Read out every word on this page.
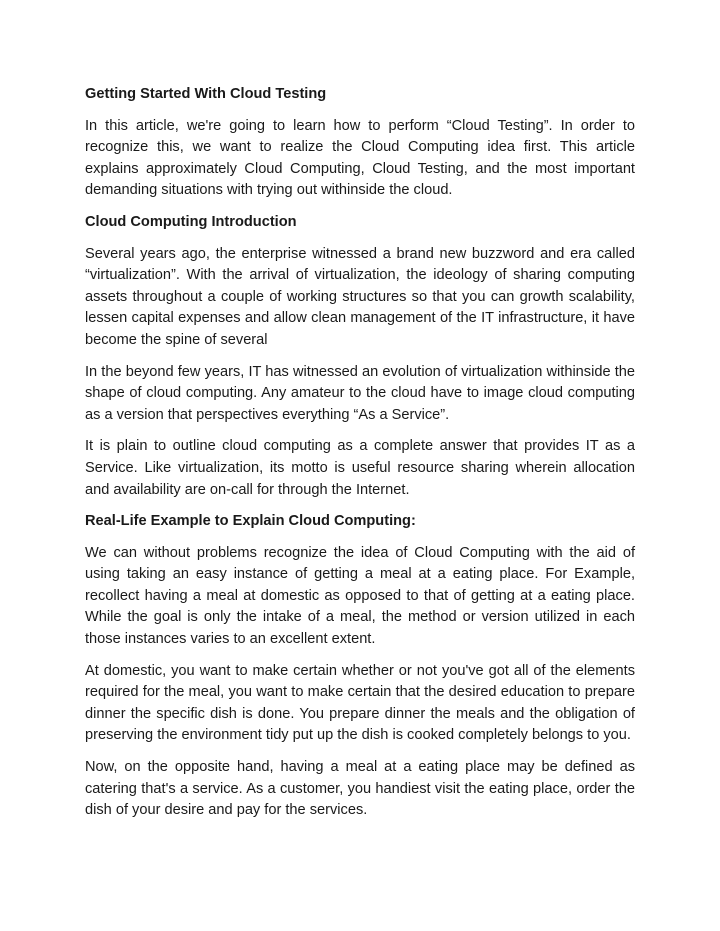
Getting Started With Cloud Testing

In this article, we're going to learn how to perform “Cloud Testing”. In order to recognize this, we want to realize the Cloud Computing idea first. This article explains approximately Cloud Computing, Cloud Testing, and the most important demanding situations with trying out withinside the cloud.

Cloud Computing Introduction

Several years ago, the enterprise witnessed a brand new buzzword and era called “virtualization”. With the arrival of virtualization, the ideology of sharing computing assets throughout a couple of working structures so that you can growth scalability, lessen capital expenses and allow clean management of the IT infrastructure, it have become the spine of several

In the beyond few years, IT has witnessed an evolution of virtualization withinside the shape of cloud computing. Any amateur to the cloud have to image cloud computing as a version that perspectives everything “As a Service”.

It is plain to outline cloud computing as a complete answer that provides IT as a Service. Like virtualization, its motto is useful resource sharing wherein allocation and availability are on-call for through the Internet.

Real-Life Example to Explain Cloud Computing:

We can without problems recognize the idea of Cloud Computing with the aid of using taking an easy instance of getting a meal at a eating place. For Example, recollect having a meal at domestic as opposed to that of getting at a eating place. While the goal is only the intake of a meal, the method or version utilized in each those instances varies to an excellent extent.

At domestic, you want to make certain whether or not you've got all of the elements required for the meal, you want to make certain that the desired education to prepare dinner the specific dish is done. You prepare dinner the meals and the obligation of preserving the environment tidy put up the dish is cooked completely belongs to you.

Now, on the opposite hand, having a meal at a eating place may be defined as catering that's a service. As a customer, you handiest visit the eating place, order the dish of your desire and pay for the services.
